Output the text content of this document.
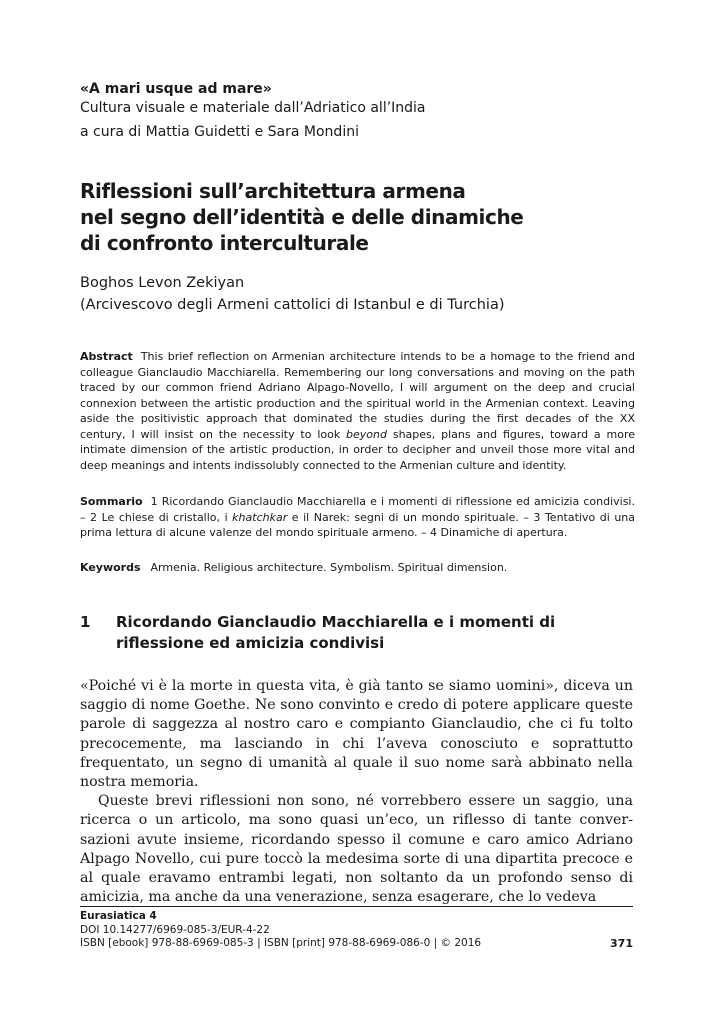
«A mari usque ad mare»
Cultura visuale e materiale dall’Adriatico all’India
a cura di Mattia Guidetti e Sara Mondini
Riflessioni sull’architettura armena
nel segno dell’identità e delle dinamiche
di confronto interculturale
Boghos Levon Zekiyan
(Arcivescovo degli Armeni cattolici di Istanbul e di Turchia)
Abstract This brief reflection on Armenian architecture intends to be a homage to the friend and colleague Gianclaudio Macchiarella. Remembering our long conversations and moving on the path traced by our common friend Adriano Alpago-Novello, I will argument on the deep and crucial connexion between the artistic production and the spiritual world in the Armenian context. Leaving aside the positivistic approach that dominated the studies during the first decades of the XX century, I will insist on the necessity to look beyond shapes, plans and figures, toward a more intimate dimension of the artistic production, in order to decipher and unveil those more vital and deep meanings and intents indissolubly connected to the Armenian culture and identity.
Sommario 1 Ricordando Gianclaudio Macchiarella e i momenti di riflessione ed amicizia condivisi. – 2 Le chiese di cristallo, i khatchkar e il Narek: segni di un mondo spirituale. – 3 Tentativo di una prima lettura di alcune valenze del mondo spirituale armeno. – 4 Dinamiche di apertura.
Keywords Armenia. Religious architecture. Symbolism. Spiritual dimension.
1 Ricordando Gianclaudio Macchiarella e i momenti di riflessione ed amicizia condivisi

«Poiché vi è la morte in questa vita, è già tanto se siamo uomini», diceva un saggio di nome Goethe. Ne sono convinto e credo di potere applicare queste parole di saggezza al nostro caro e compianto Gianclaudio, che ci fu tolto precocemente, ma lasciando in chi l’aveva conosciuto e soprattutto frequentato, un segno di umanità al quale il suo nome sarà abbinato nella nostra memoria.

Queste brevi riflessioni non sono, né vorrebbero essere un saggio, una ricerca o un articolo, ma sono quasi un’eco, un riflesso di tante conversazioni avute insieme, ricordando spesso il comune e caro amico Adriano Alpago Novello, cui pure toccò la medesima sorte di una dipartita precoce e al quale eravamo entrambi legati, non soltanto da un profondo senso di amicizia, ma anche da una venerazione, senza esagerare, che lo vedeva

Eurasiatica 4
DOI 10.14277/6969-085-3/EUR-4-22
ISBN [ebook] 978-88-6969-085-3 | ISBN [print] 978-88-6969-086-0 | © 2016	371
